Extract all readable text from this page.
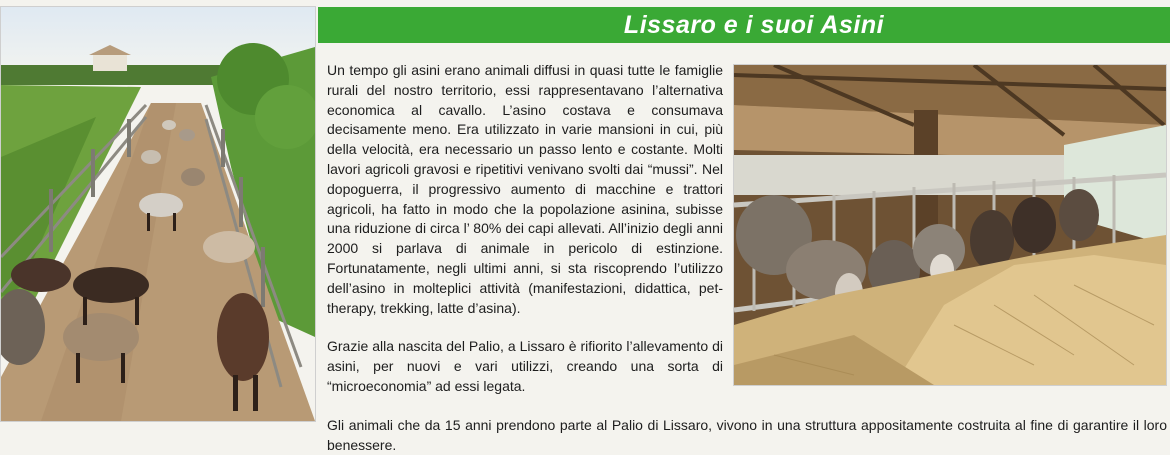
Lissaro e i suoi Asini

Un tempo gli asini erano animali diffusi in quasi tutte le famiglie rurali del nostro territorio, essi rappresentavano l’alternativa economica al cavallo. L’asino costava e consumava decisamente meno. Era utilizzato in varie mansioni in cui, più della velocità, era necessario un passo lento e costante. Molti lavori agricoli gravosi e ripetitivi venivano svolti dai “mussi”. Nel dopoguerra, il progressivo aumento di macchine e trattori agricoli, ha fatto in modo che la popolazione asinina, subisse una riduzione di circa l’ 80% dei capi allevati. All’inizio degli anni 2000 si parlava di animale in pericolo di estinzione. Fortunatamente, negli ultimi anni, si sta riscoprendo l’utilizzo dell’asino in molteplici attività (manifestazioni, didattica, pet-therapy, trekking, latte d’asina).

Grazie alla nascita del Palio, a Lissaro è rifiorito l’allevamento di asini, per nuovi e vari utilizzi, creando una sorta di “microeconomia” ad essi legata.

Gli animali che da 15 anni prendono parte al Palio di Lissaro, vivono in una struttura appositamente costruita al fine di garantire il loro benessere.
